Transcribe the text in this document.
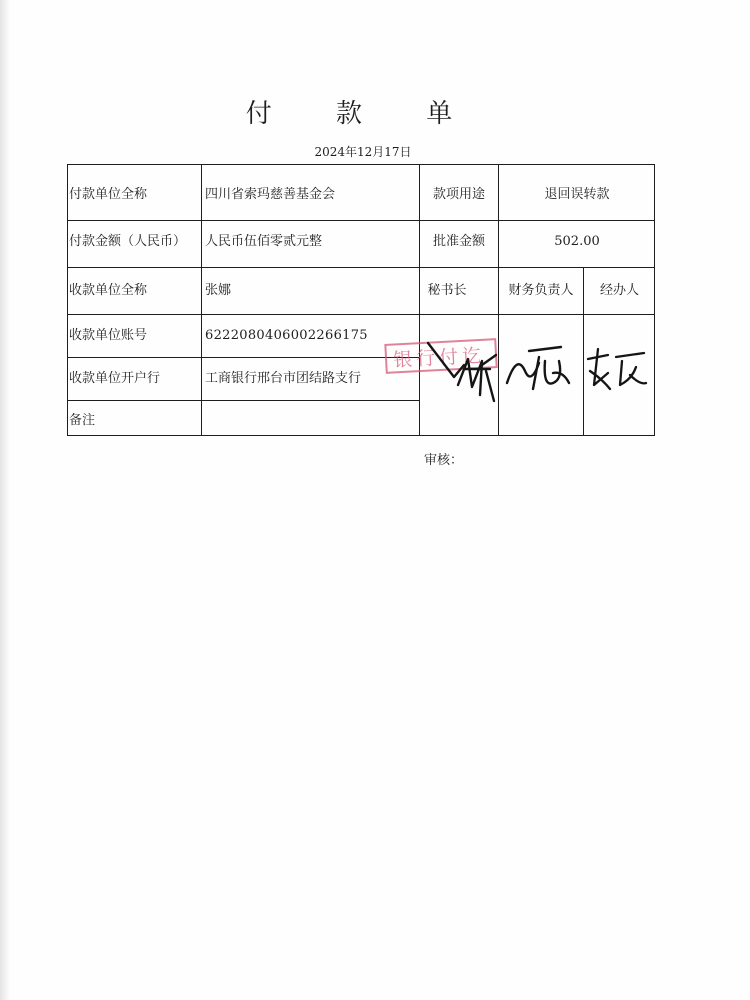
付 款 单
2024年12月17日
付款单位全称	四川省索玛慈善基金会	款项用途	退回误转款
付款金额（人民币） 人民币伍佰零贰元整	批准金额	502.00
收款单位全称	张娜	秘书长	财务负责人	经办人
收款单位账号	6222080406002266175
收款单位开户行	工商银行邢台市团结路支行
备注
银行付讫
审核：
